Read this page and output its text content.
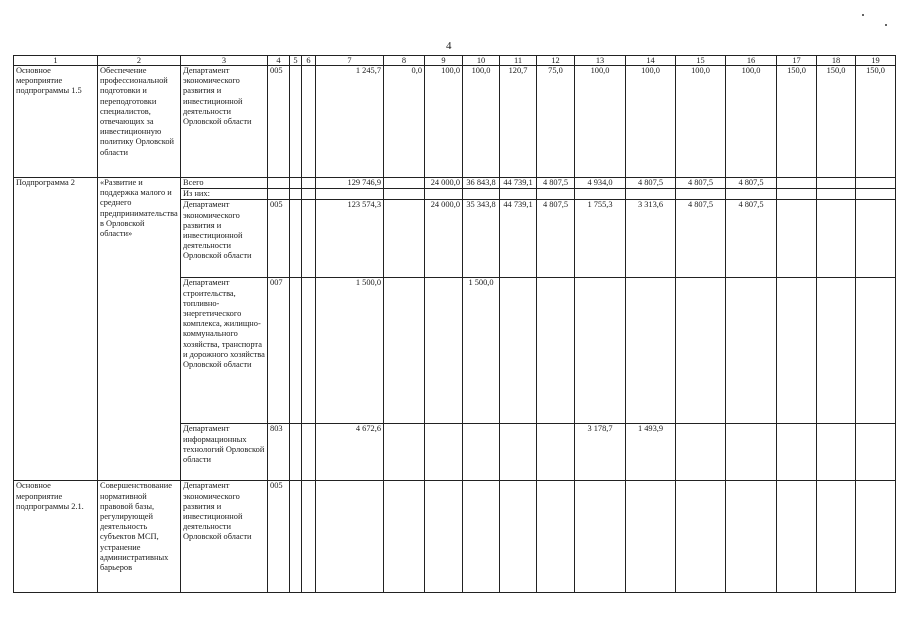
4
1	2	3	4	5	6	7	8	9	10	11	12	13	14	15	16	17	18	19
Основное мероприятие подпрограммы 1.5	Обеспечение профессиональной подготовки и переподготовки специалистов, отвечающих за инвестиционную политику Орловской области	Департамент экономического развития и инвестиционной деятельности Орловской области	005			1 245,7	0,0	100,0	100,0	120,7	75,0	100,0	100,0	100,0	100,0	150,0	150,0	150,0
Подпрограмма 2	«Развитие и поддержка малого и среднего предпринимательства в Орловской области»	Всего				129 746,9		24 000,0	36 843,8	44 739,1	4 807,5	4 934,0	4 807,5	4 807,5	4 807,5			
		Из них:																
		Департамент экономического развития и инвестиционной деятельности Орловской области	005			123 574,3		24 000,0	35 343,8	44 739,1	4 807,5	1 755,3	3 313,6	4 807,5	4 807,5			
		Департамент строительства, топливно-энергетического комплекса, жилищно-коммунального хозяйства, транспорта и дорожного хозяйства Орловской области	007			1 500,0			1 500,0									
		Департамент информационных технологий Орловской области	803			4 672,6						3 178,7	1 493,9					
Основное мероприятие подпрограммы 2.1.	Совершенствование нормативной правовой базы, регулирующей деятельность субъектов МСП, устранение административных барьеров	Департамент экономического развития и инвестиционной деятельности Орловской области	005															
